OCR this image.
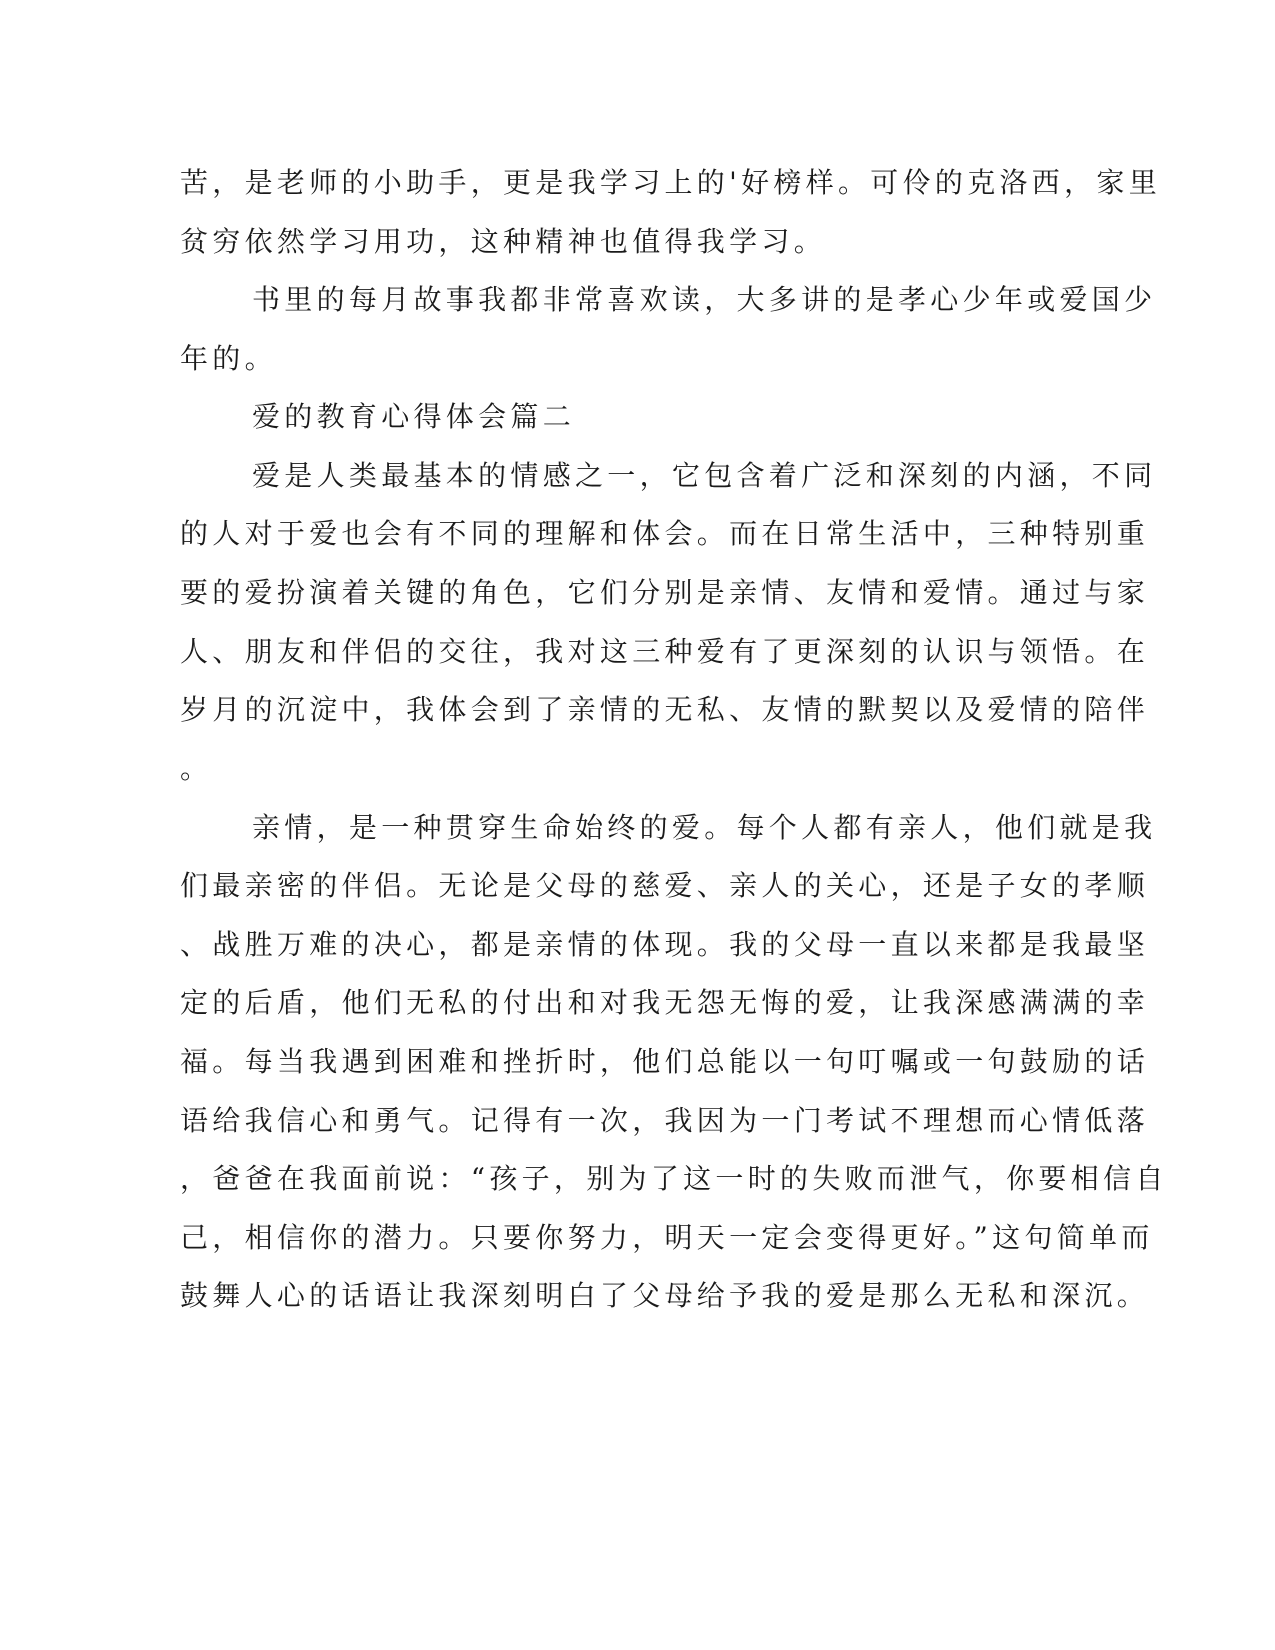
苦，是老师的小助手，更是我学习上的'好榜样。可伶的克洛西，家里
贫穷依然学习用功，这种精神也值得我学习。
书里的每月故事我都非常喜欢读，大多讲的是孝心少年或爱国少
年的。
爱的教育心得体会篇二
爱是人类最基本的情感之一，它包含着广泛和深刻的内涵，不同
的人对于爱也会有不同的理解和体会。而在日常生活中，三种特别重
要的爱扮演着关键的角色，它们分别是亲情、友情和爱情。通过与家
人、朋友和伴侣的交往，我对这三种爱有了更深刻的认识与领悟。在
岁月的沉淀中，我体会到了亲情的无私、友情的默契以及爱情的陪伴
。
亲情，是一种贯穿生命始终的爱。每个人都有亲人，他们就是我
们最亲密的伴侣。无论是父母的慈爱、亲人的关心，还是子女的孝顺
、战胜万难的决心，都是亲情的体现。我的父母一直以来都是我最坚
定的后盾，他们无私的付出和对我无怨无悔的爱，让我深感满满的幸
福。每当我遇到困难和挫折时，他们总能以一句叮嘱或一句鼓励的话
语给我信心和勇气。记得有一次，我因为一门考试不理想而心情低落
，爸爸在我面前说：“孩子，别为了这一时的失败而泄气，你要相信自
己，相信你的潜力。只要你努力，明天一定会变得更好。”这句简单而
鼓舞人心的话语让我深刻明白了父母给予我的爱是那么无私和深沉。
